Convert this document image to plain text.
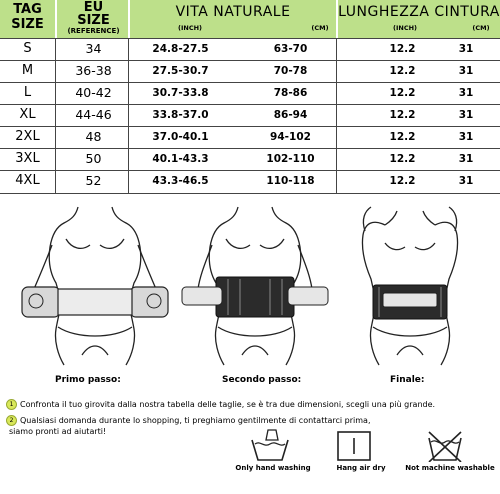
TAG SIZE
EU SIZE
(REFERENCE)
VITA NATURALE
(INCH)	(CM)
LUNGHEZZA CINTURA
(INCH)	(CM)
S	34	24.8-27.5	63-70	12.2	31
M	36-38	27.5-30.7	70-78	12.2	31
L	40-42	30.7-33.8	78-86	12.2	31
XL	44-46	33.8-37.0	86-94	12.2	31
2XL	48	37.0-40.1	94-102	12.2	31
3XL	50	40.1-43.3	102-110	12.2	31
4XL	52	43.3-46.5	110-118	12.2	31
Primo passo:	Secondo passo:	Finale:
1 Confronta il tuo girovita dalla nostra tabella delle taglie, se è tra due dimensioni, scegli una più grande.
2 Qualsiasi domanda durante lo shopping, ti preghiamo gentilmente di contattarci prima,
siamo pronti ad aiutarti!
Only hand washing	Hang air dry	Not machine washable
